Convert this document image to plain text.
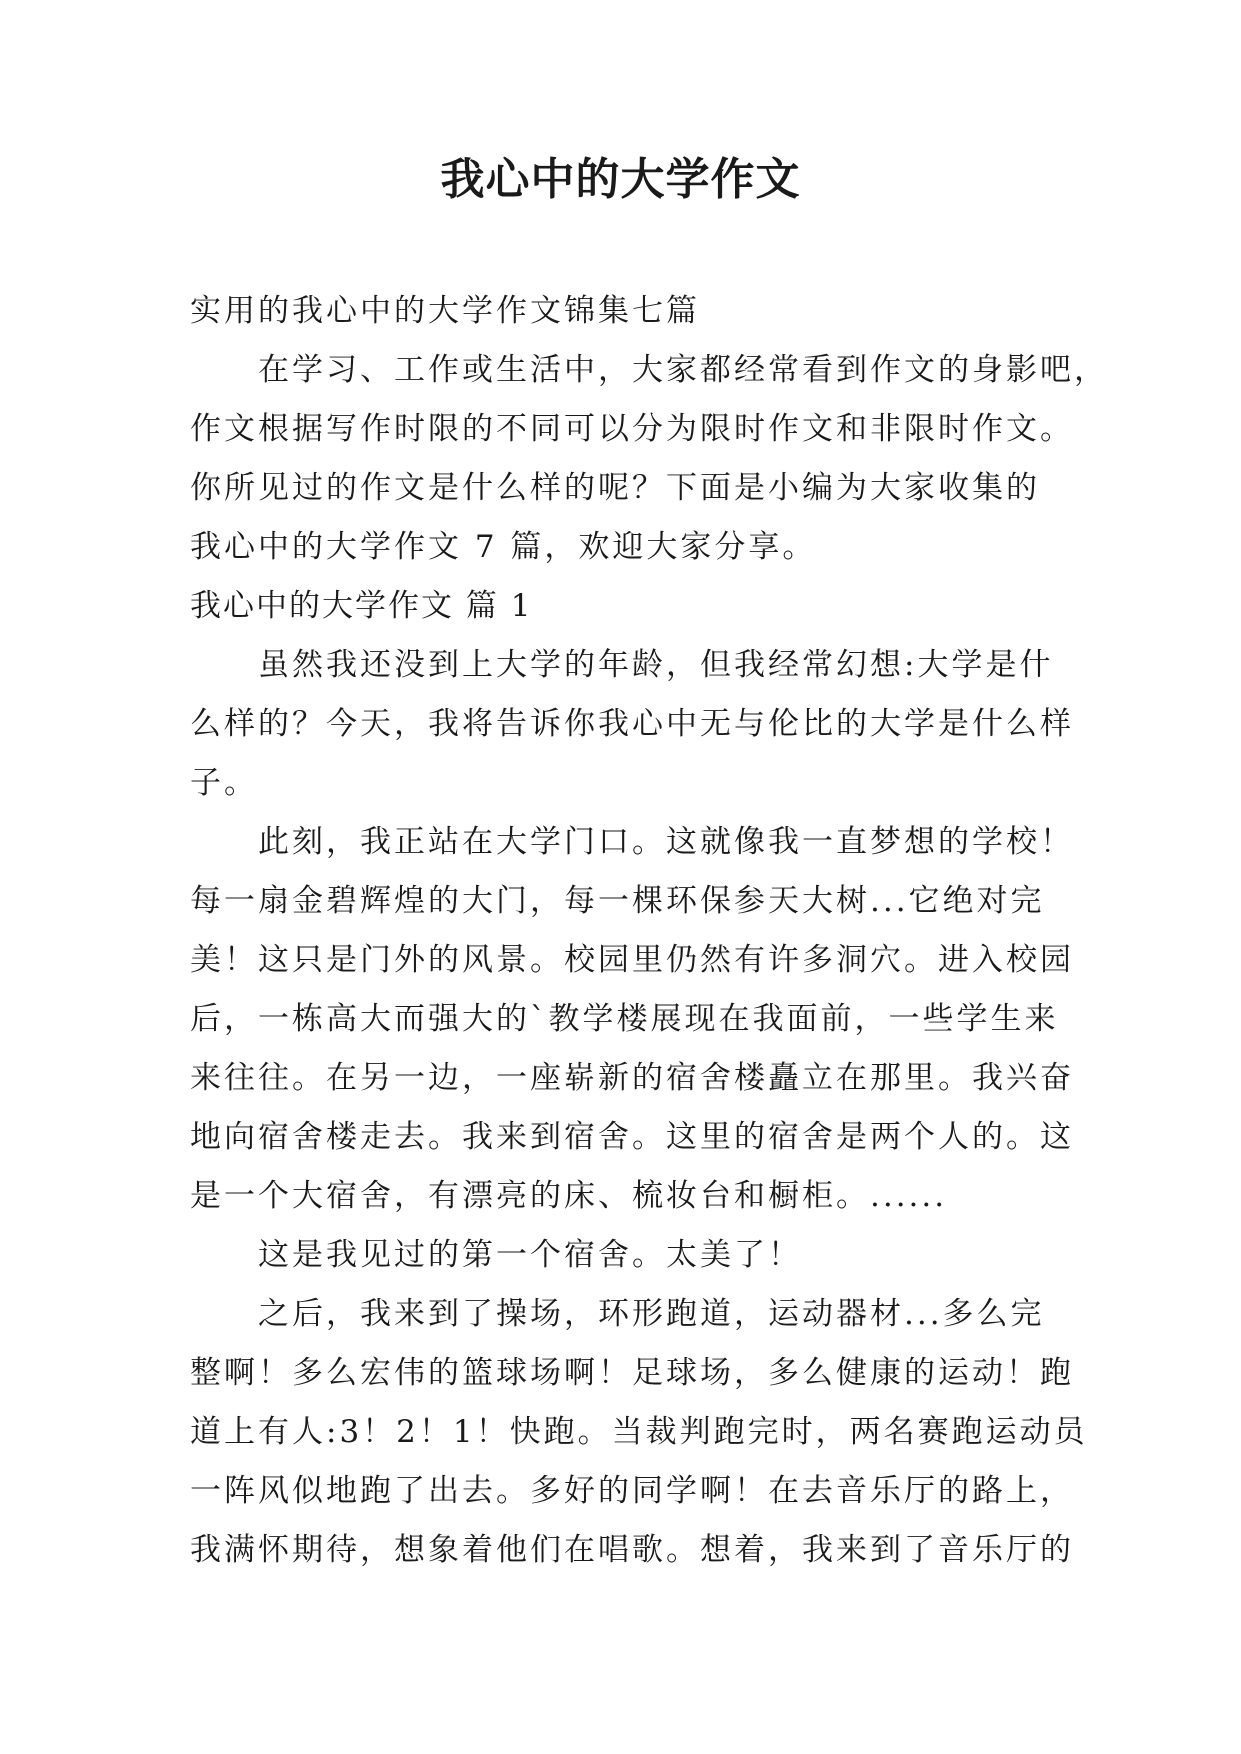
我心中的大学作文
实用的我心中的大学作文锦集七篇
在学习、工作或生活中，大家都经常看到作文的身影吧，
作文根据写作时限的不同可以分为限时作文和非限时作文。
你所见过的作文是什么样的呢？下面是小编为大家收集的
我心中的大学作文 7 篇，欢迎大家分享。
我心中的大学作文 篇 1
虽然我还没到上大学的年龄，但我经常幻想:大学是什
么样的？今天，我将告诉你我心中无与伦比的大学是什么样
子。
此刻，我正站在大学门口。这就像我一直梦想的学校！
每一扇金碧辉煌的大门，每一棵环保参天大树...它绝对完
美！这只是门外的风景。校园里仍然有许多洞穴。进入校园
后，一栋高大而强大的`教学楼展现在我面前，一些学生来
来往往。在另一边，一座崭新的宿舍楼矗立在那里。我兴奋
地向宿舍楼走去。我来到宿舍。这里的宿舍是两个人的。这
是一个大宿舍，有漂亮的床、梳妆台和橱柜。......
这是我见过的第一个宿舍。太美了！
之后，我来到了操场，环形跑道，运动器材...多么完
整啊！多么宏伟的篮球场啊！足球场，多么健康的运动！跑
道上有人:3！2！1！快跑。当裁判跑完时，两名赛跑运动员
一阵风似地跑了出去。多好的同学啊！在去音乐厅的路上，
我满怀期待，想象着他们在唱歌。想着，我来到了音乐厅的
